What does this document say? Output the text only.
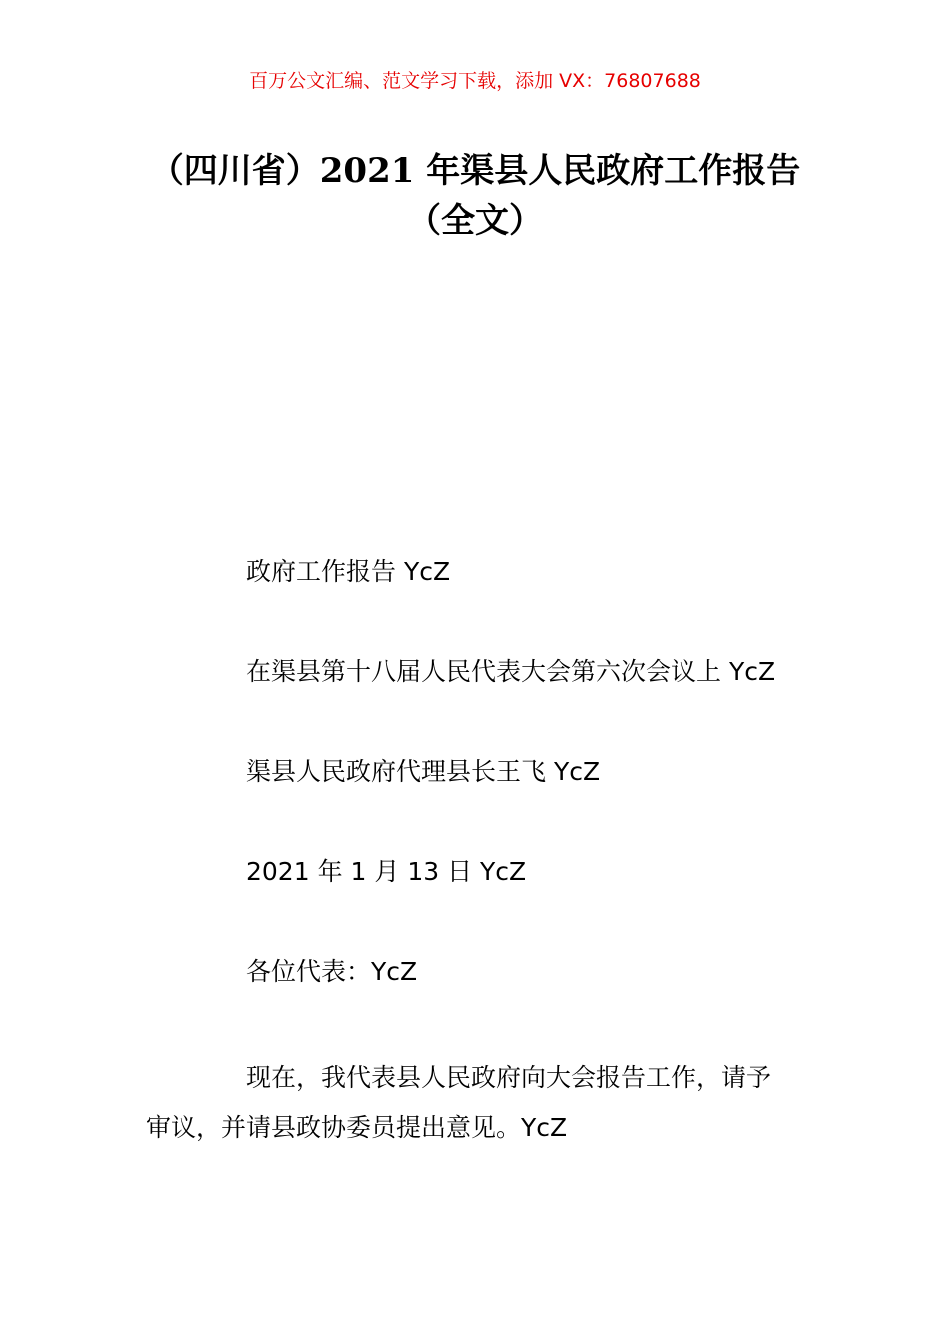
百万公文汇编、范文学习下载，添加 VX：76807688
（四川省）2021 年渠县人民政府工作报告
（全文）
政府工作报告 YcZ
在渠县第十八届人民代表大会第六次会议上 YcZ
渠县人民政府代理县长王飞 YcZ
2021 年 1 月 13 日 YcZ
各位代表：YcZ
现在，我代表县人民政府向大会报告工作，请予
审议，并请县政协委员提出意见。YcZ
